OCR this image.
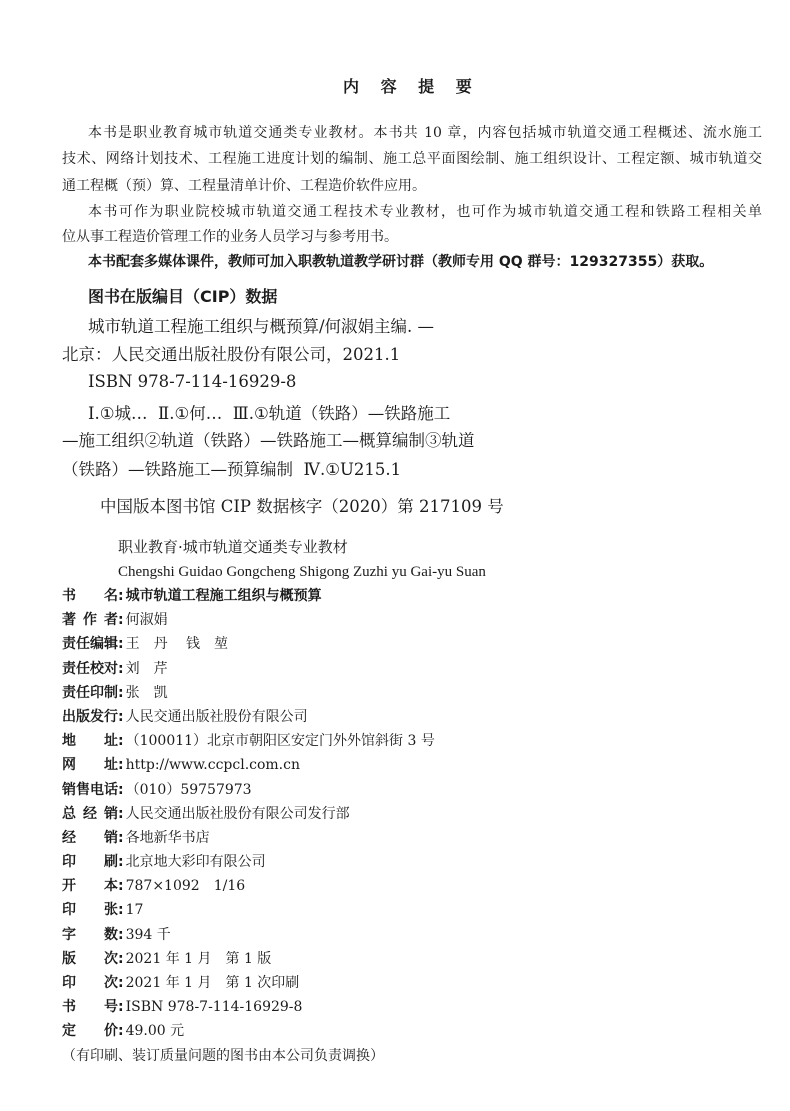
内 容 提 要
本书是职业教育城市轨道交通类专业教材。本书共 10 章，内容包括城市轨道交通工程概述、流水施工
技术、网络计划技术、工程施工进度计划的编制、施工总平面图绘制、施工组织设计、工程定额、城市轨道交
通工程概（预）算、工程量清单计价、工程造价软件应用。
本书可作为职业院校城市轨道交通工程技术专业教材，也可作为城市轨道交通工程和铁路工程相关单
位从事工程造价管理工作的业务人员学习与参考用书。
本书配套多媒体课件，教师可加入职教轨道教学研讨群（教师专用 QQ 群号：129327355）获取。
图书在版编目（CIP）数据
城市轨道工程施工组织与概预算/何淑娟主编. —
北京：人民交通出版社股份有限公司，2021.1
ISBN 978-7-114-16929-8
Ⅰ.①城…  Ⅱ.①何…  Ⅲ.①轨道（铁路）—铁路施工
—施工组织②轨道（铁路）—铁路施工—概算编制③轨道
（铁路）—铁路施工—预算编制  Ⅳ.①U215.1
中国版本图书馆 CIP 数据核字（2020）第 217109 号
职业教育·城市轨道交通类专业教材
Chengshi Guidao Gongcheng Shigong Zuzhi yu Gai-yu Suan
书 名 : 城市轨道工程施工组织与概预算
著 作 者 : 何淑娟
责任编辑 : 王　丹　 钱　堃
责任校对 : 刘　芹
责任印制 : 张　凯
出版发行 : 人民交通出版社股份有限公司
地 址 : （100011）北京市朝阳区安定门外外馆斜街 3 号
网 址 : http://www.ccpcl.com.cn
销售电话 : （010）59757973
总 经 销 : 人民交通出版社股份有限公司发行部
经 销 : 各地新华书店
印 刷 : 北京地大彩印有限公司
开 本 : 787×1092　1/16
印 张 : 17
字 数 : 394 千
版 次 : 2021 年 1 月　第 1 版
印 次 : 2021 年 1 月　第 1 次印刷
书 号 : ISBN 978-7-114-16929-8
定 价 : 49.00 元
（有印刷、装订质量问题的图书由本公司负责调换）
